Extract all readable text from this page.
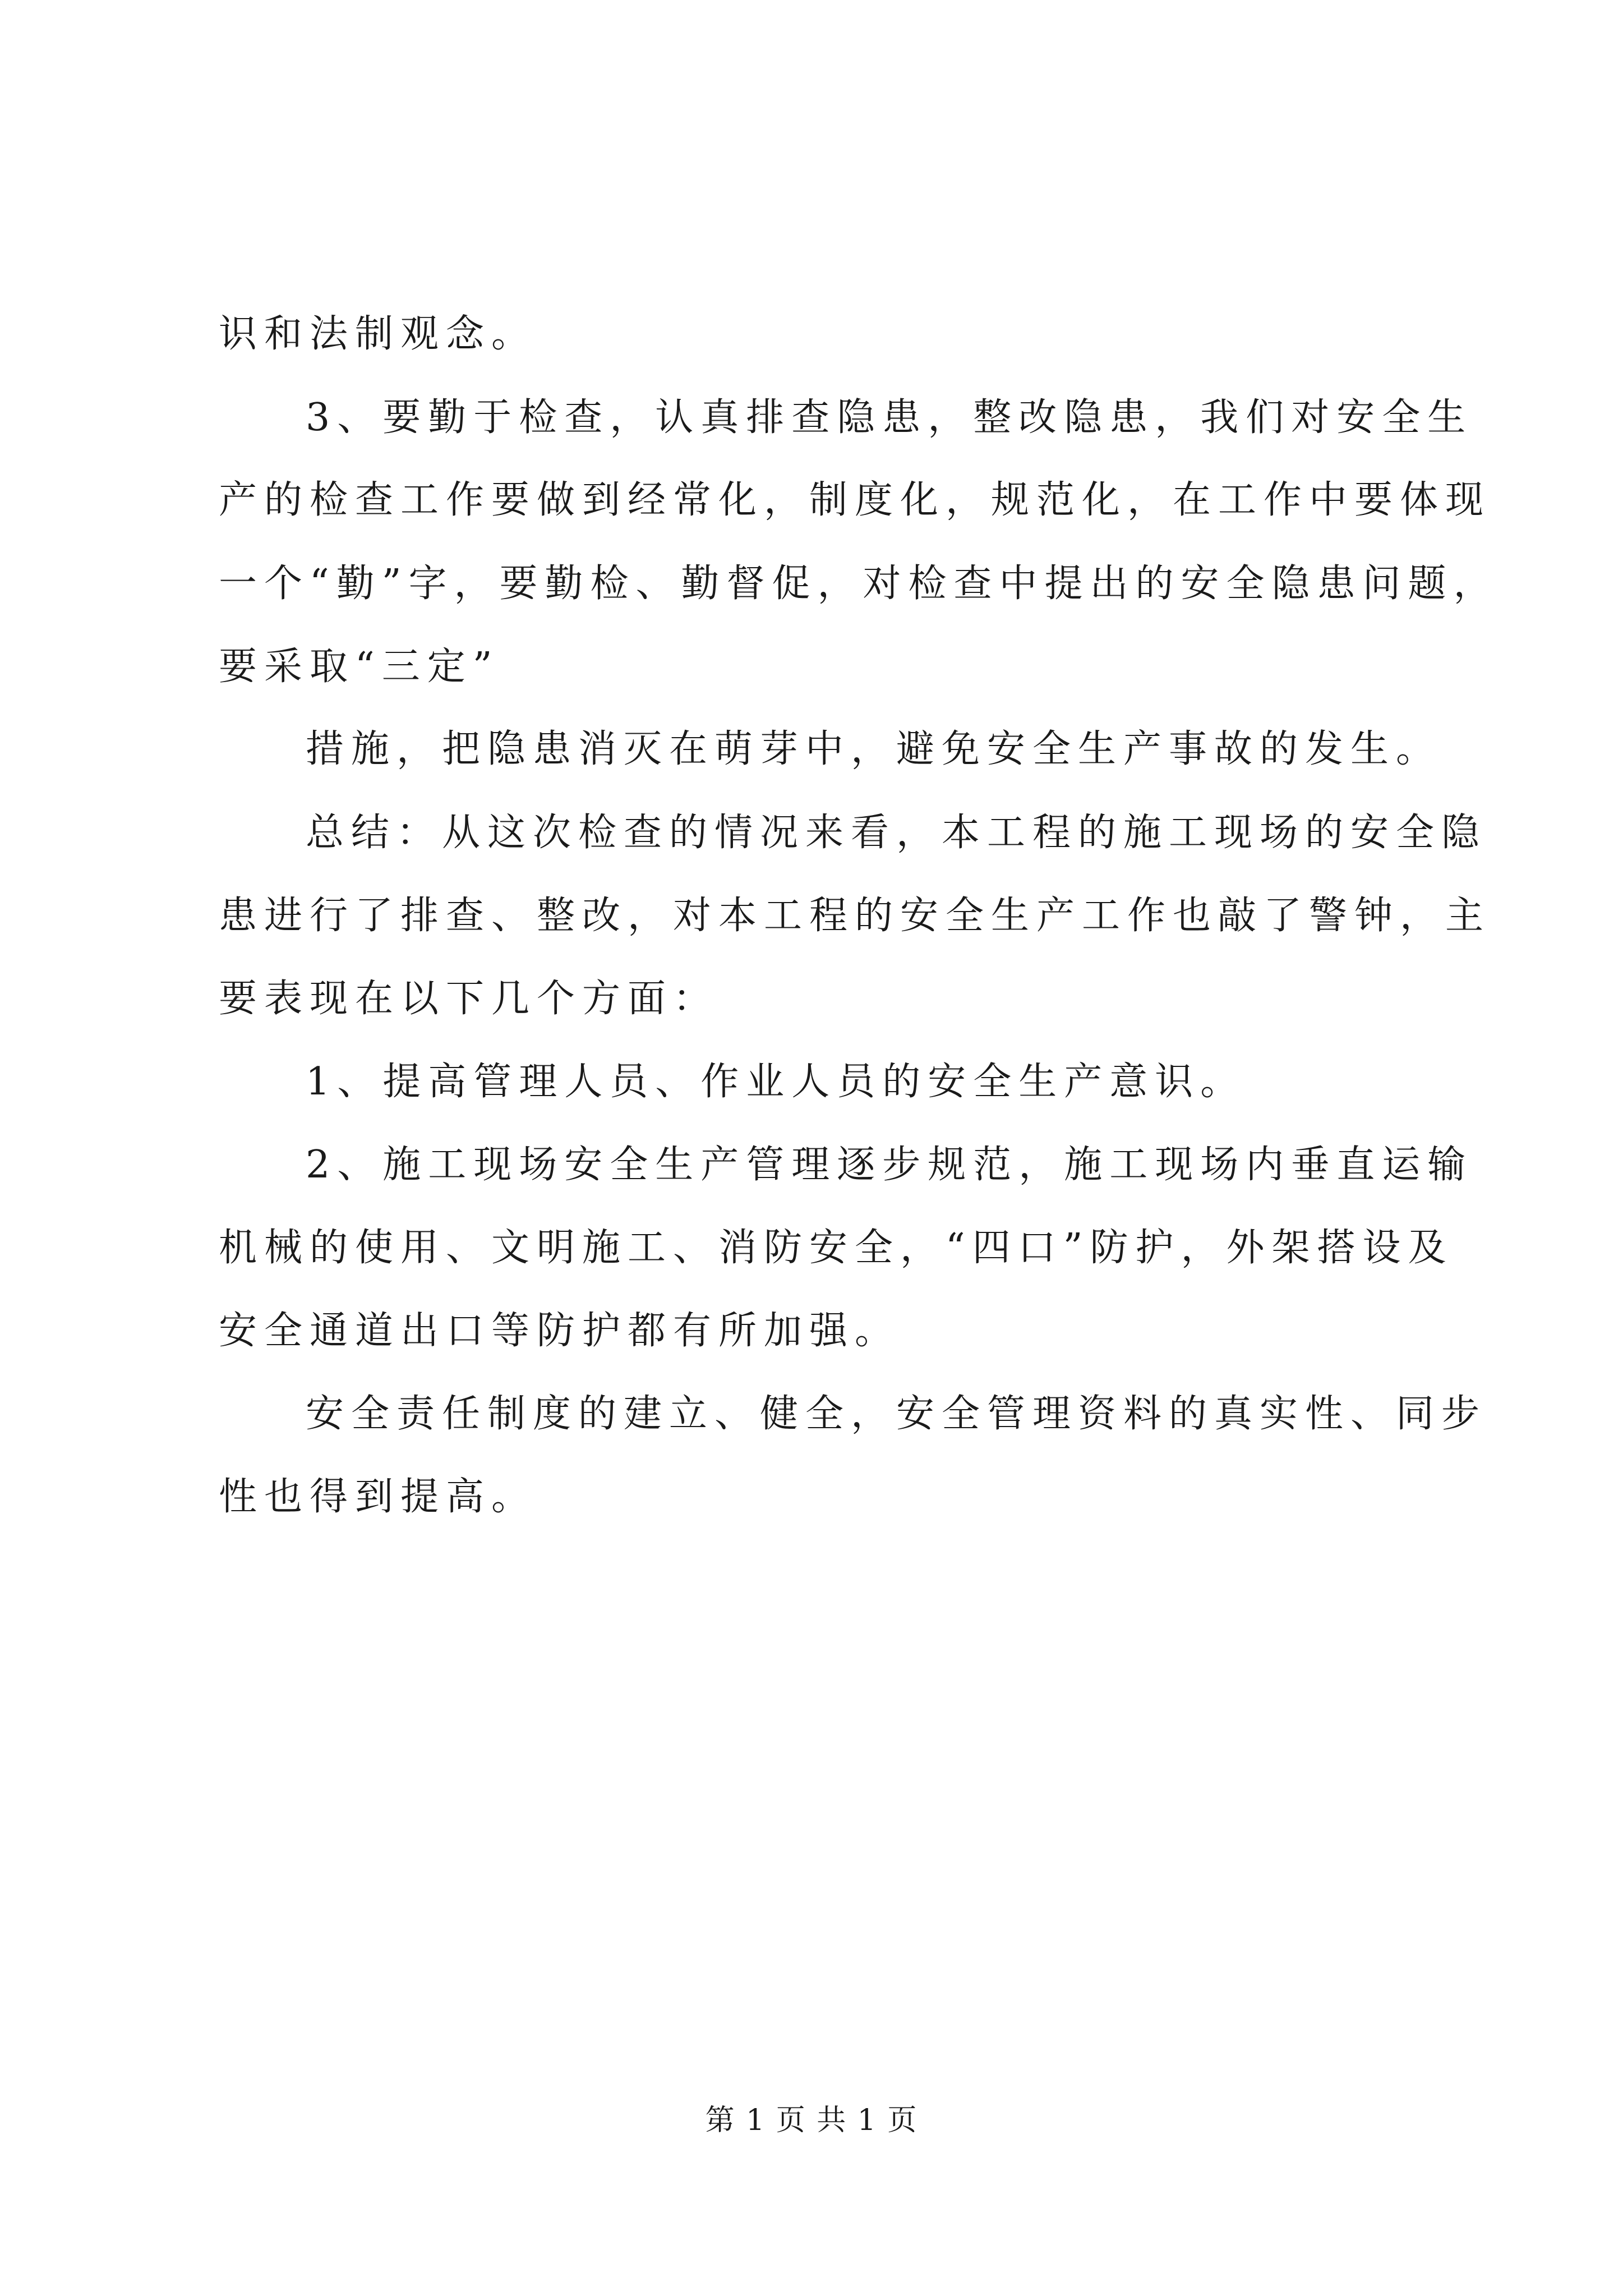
识和法制观念。

3、要勤于检查，认真排查隐患，整改隐患，我们对安全生

产的检查工作要做到经常化，制度化，规范化，在工作中要体现

一个“勤”字，要勤检、勤督促，对检查中提出的安全隐患问题，

要采取“三定”

措施，把隐患消灭在萌芽中，避免安全生产事故的发生。

总结：从这次检查的情况来看，本工程的施工现场的安全隐

患进行了排查、整改，对本工程的安全生产工作也敲了警钟，主

要表现在以下几个方面：

1、提高管理人员、作业人员的安全生产意识。

2、施工现场安全生产管理逐步规范，施工现场内垂直运输

机械的使用、文明施工、消防安全，“四口”防护，外架搭设及

安全通道出口等防护都有所加强。

安全责任制度的建立、健全，安全管理资料的真实性、同步

性也得到提高。

第 1 页 共 1 页
